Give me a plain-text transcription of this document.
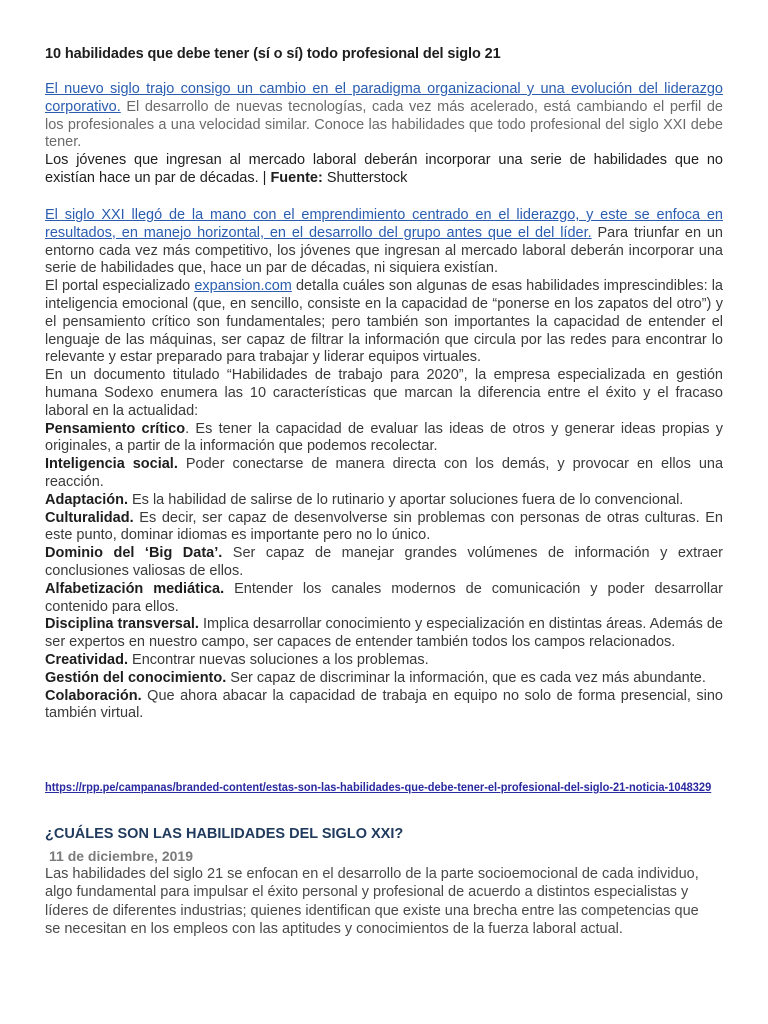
10 habilidades que debe tener (sí o sí) todo profesional del siglo 21

El nuevo siglo trajo consigo un cambio en el paradigma organizacional y una evolución del liderazgo corporativo. El desarrollo de nuevas tecnologías, cada vez más acelerado, está cambiando el perfil de los profesionales a una velocidad similar. Conoce las habilidades que todo profesional del siglo XXI debe tener.

Los jóvenes que ingresan al mercado laboral deberán incorporar una serie de habilidades que no existían hace un par de décadas. | Fuente: Shutterstock

El siglo XXI llegó de la mano con el emprendimiento centrado en el liderazgo, y este se enfoca en resultados, en manejo horizontal, en el desarrollo del grupo antes que el del líder. Para triunfar en un entorno cada vez más competitivo, los jóvenes que ingresan al mercado laboral deberán incorporar una serie de habilidades que, hace un par de décadas, ni siquiera existían.

El portal especializado expansion.com detalla cuáles son algunas de esas habilidades imprescindibles: la inteligencia emocional (que, en sencillo, consiste en la capacidad de “ponerse en los zapatos del otro”) y el pensamiento crítico son fundamentales; pero también son importantes la capacidad de entender el lenguaje de las máquinas, ser capaz de filtrar la información que circula por las redes para encontrar lo relevante y estar preparado para trabajar y liderar equipos virtuales.

En un documento titulado “Habilidades de trabajo para 2020”, la empresa especializada en gestión humana Sodexo enumera las 10 características que marcan la diferencia entre el éxito y el fracaso laboral en la actualidad:

Pensamiento crítico. Es tener la capacidad de evaluar las ideas de otros y generar ideas propias y originales, a partir de la información que podemos recolectar.

Inteligencia social. Poder conectarse de manera directa con los demás, y provocar en ellos una reacción.

Adaptación. Es la habilidad de salirse de lo rutinario y aportar soluciones fuera de lo convencional.

Culturalidad. Es decir, ser capaz de desenvolverse sin problemas con personas de otras culturas. En este punto, dominar idiomas es importante pero no lo único.

Dominio del ‘Big Data’. Ser capaz de manejar grandes volúmenes de información y extraer conclusiones valiosas de ellos.

Alfabetización mediática. Entender los canales modernos de comunicación y poder desarrollar contenido para ellos.

Disciplina transversal. Implica desarrollar conocimiento y especialización en distintas áreas. Además de ser expertos en nuestro campo, ser capaces de entender también todos los campos relacionados.

Creatividad. Encontrar nuevas soluciones a los problemas.

Gestión del conocimiento. Ser capaz de discriminar la información, que es cada vez más abundante.

Colaboración. Que ahora abacar la capacidad de trabaja en equipo no solo de forma presencial, sino también virtual.

https://rpp.pe/campanas/branded-content/estas-son-las-habilidades-que-debe-tener-el-profesional-del-siglo-21-noticia-1048329
¿CUÁLES SON LAS HABILIDADES DEL SIGLO XXI?
11 de diciembre, 2019
Las habilidades del siglo 21 se enfocan en el desarrollo de la parte socioemocional de cada individuo, algo fundamental para impulsar el éxito personal y profesional de acuerdo a distintos especialistas y líderes de diferentes industrias; quienes identifican que existe una brecha entre las competencias que se necesitan en los empleos con las aptitudes y conocimientos de la fuerza laboral actual.
